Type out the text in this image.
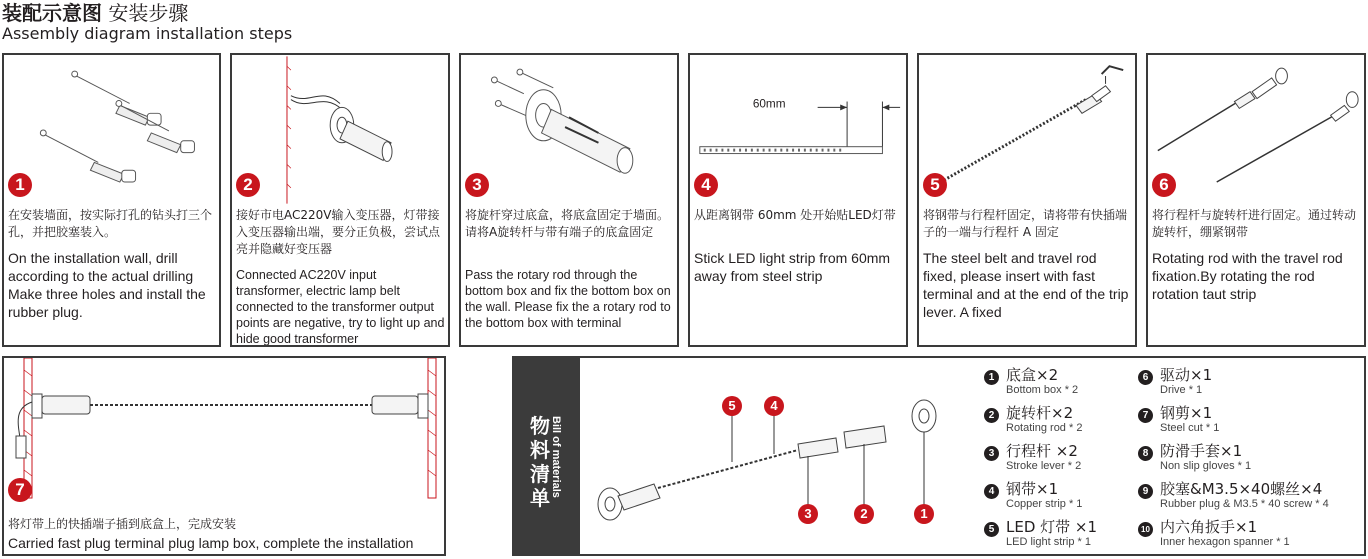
装配示意图 安装步骤
Assembly diagram installation steps
1
在安装墙面，按实际打孔的钻头打三个孔，并把胶塞装入。
On the installation wall, drill according to the actual drilling Make three holes and install the rubber plug.
2
接好市电AC220V输入变压器，灯带接入变压器输出端，要分正负极，尝试点亮并隐藏好变压器
Connected AC220V input transformer, electric lamp belt connected to the transformer output points are negative, try to light up and hide good transformer
3
将旋杆穿过底盒，将底盒固定于墙面。请将A旋转杆与带有端子的底盒固定
Pass the rotary rod through the bottom box and fix the bottom box on the wall. Please fix the a rotary rod to the bottom box with terminal
60mm
4
从距离钢带 60mm 处开始贴LED灯带
Stick LED light strip from 60mm away from steel strip
5
将钢带与行程杆固定，请将带有快插端子的一端与行程杆 A 固定
The steel belt and travel rod fixed, please insert with fast terminal and at the end of the trip lever. A fixed
6
将行程杆与旋转杆进行固定。通过转动旋转杆，绷紧钢带
Rotating rod with the travel rod fixation.By rotating the rod rotation taut strip
7
将灯带上的快插端子插到底盒上，完成安装
Carried fast plug terminal plug lamp box, complete the installation
物料清单
Bill of materials
5	4
3	2	1
1 底盒×2
Bottom box * 2
2 旋转杆×2
Rotating rod * 2
3 行程杆 ×2
Stroke lever * 2
4 钢带×1
Copper strip * 1
5 LED 灯带 ×1
LED light strip * 1
6 驱动×1
Drive * 1
7 钢剪×1
Steel cut * 1
8 防滑手套×1
Non slip gloves * 1
9 胶塞&M3.5×40螺丝×4
Rubber plug & M3.5 * 40 screw * 4
10 内六角扳手×1
Inner hexagon spanner * 1
